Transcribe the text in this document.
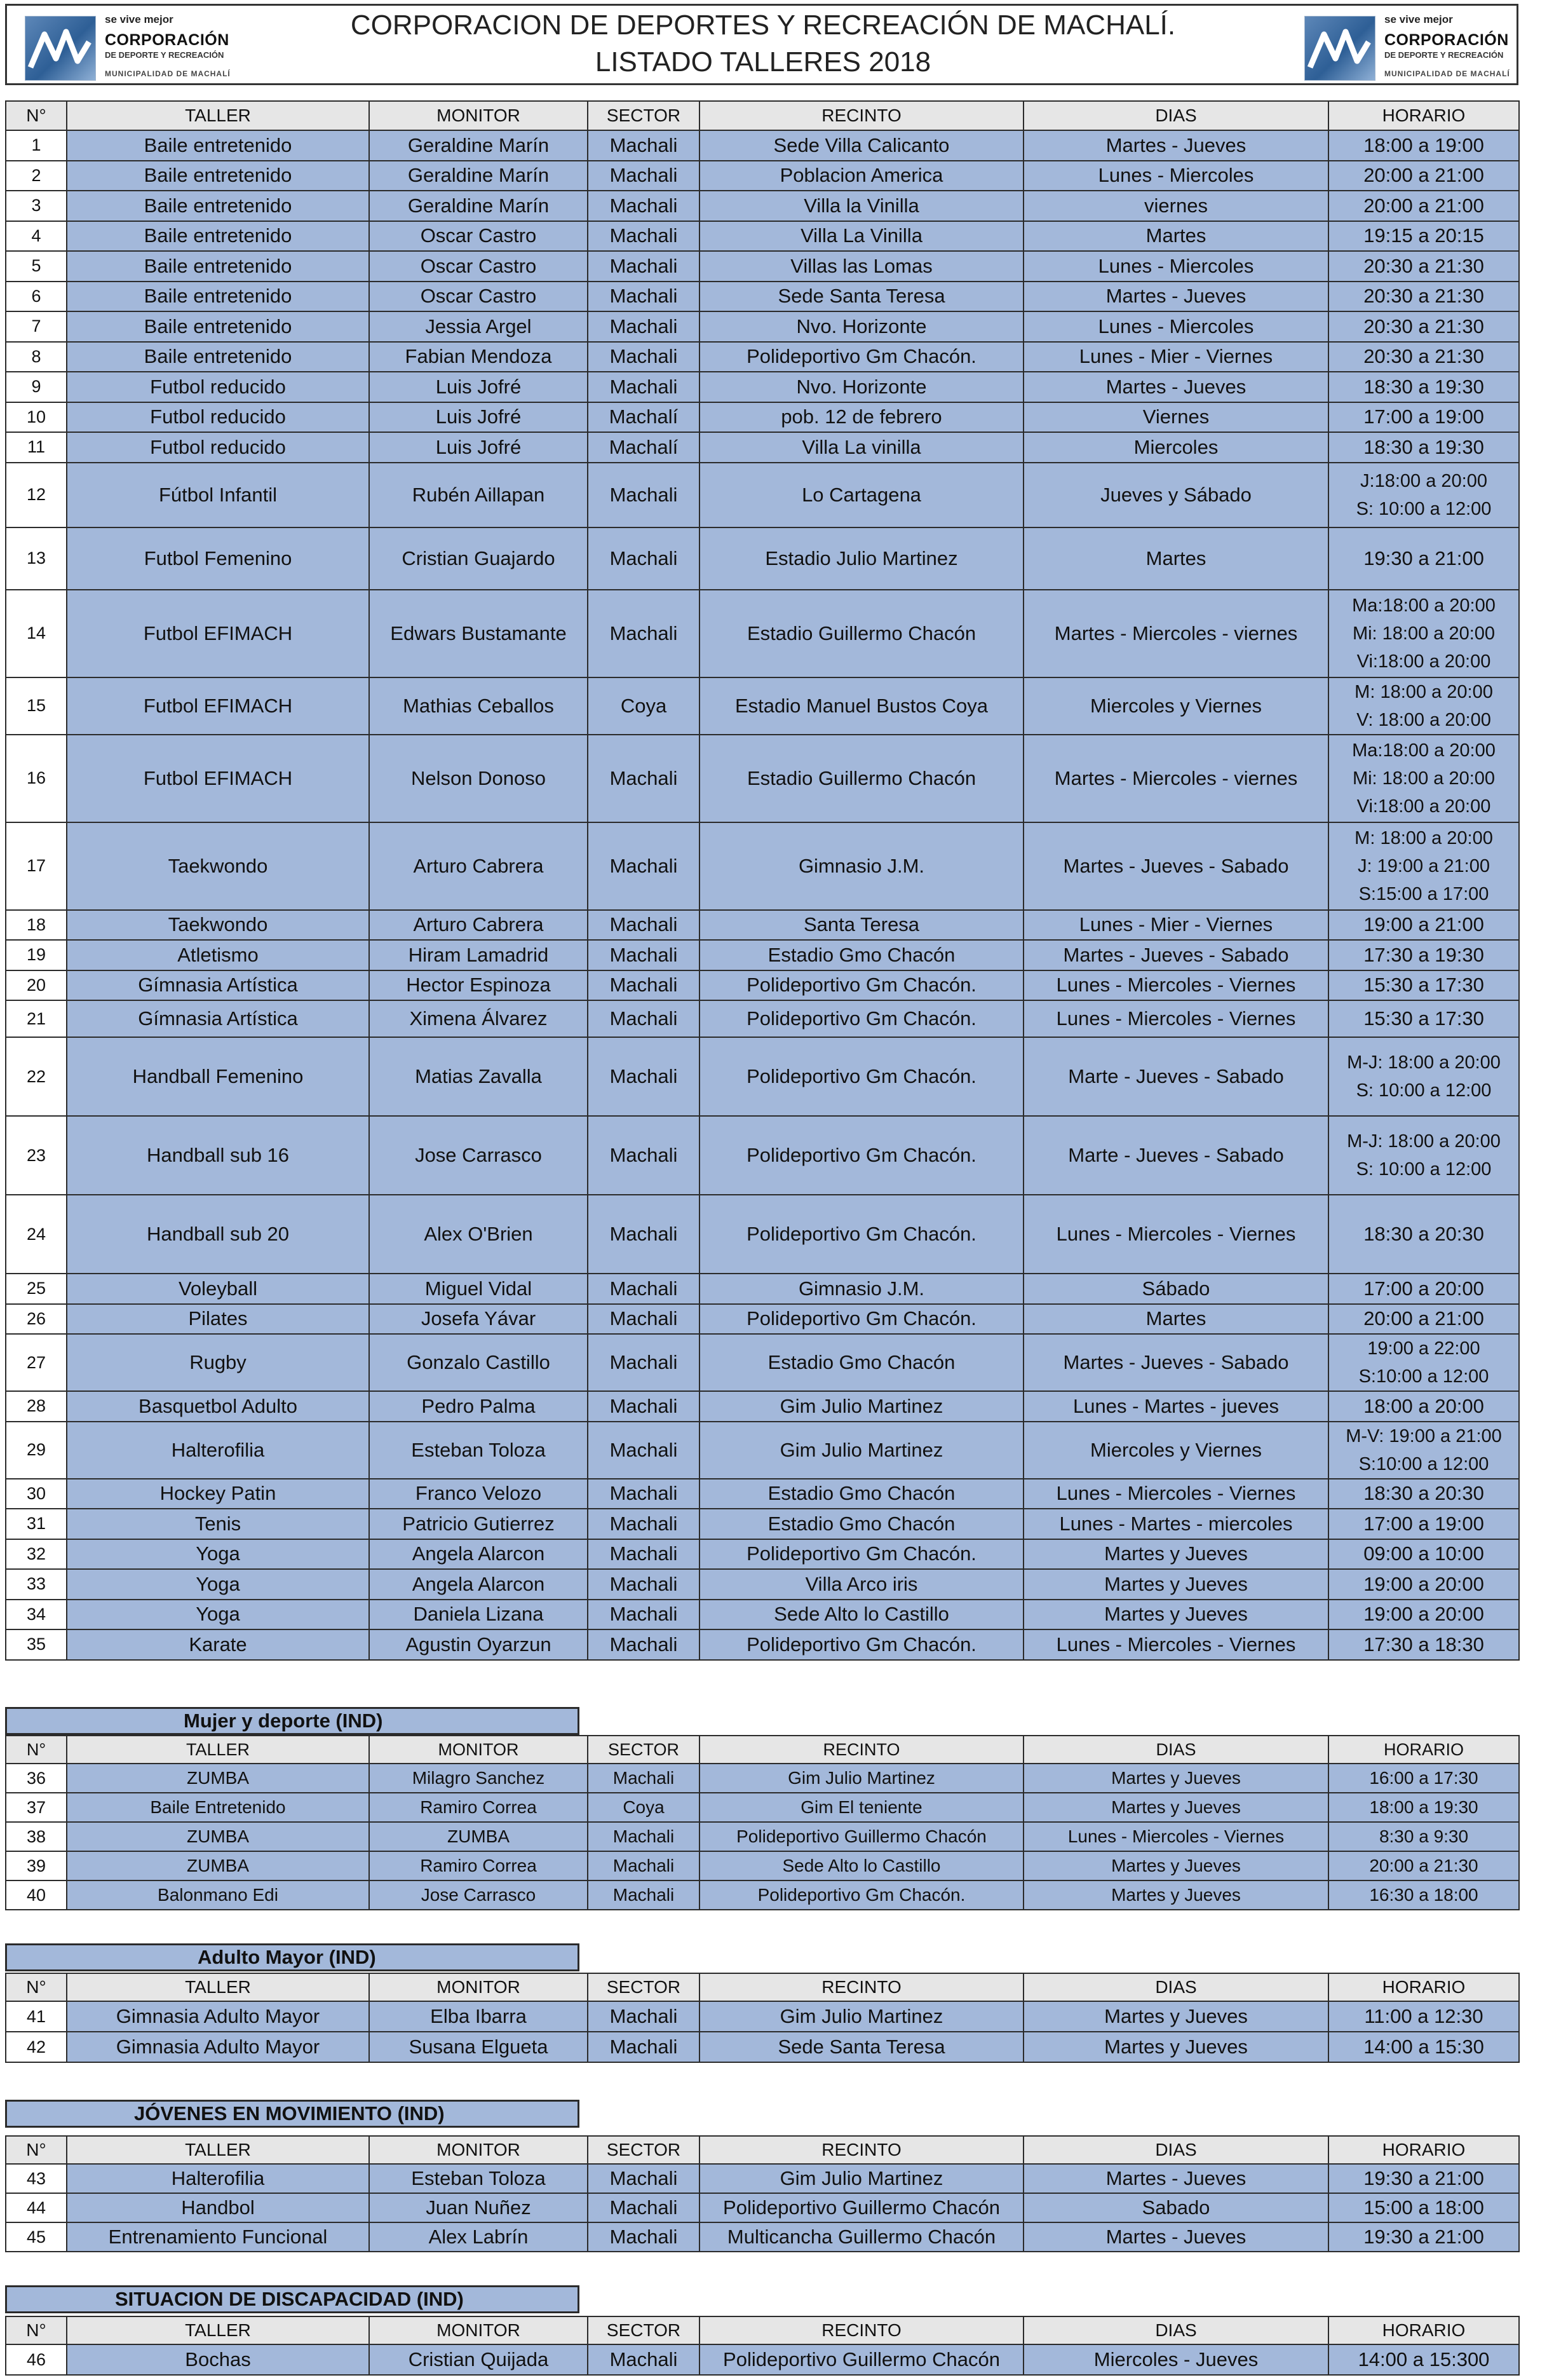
se vive mejor
CORPORACIÓN
DE DEPORTE Y RECREACIÓN
MUNICIPALIDAD DE MACHALÍ
CORPORACION DE DEPORTES Y RECREACIÓN DE MACHALÍ.
LISTADO TALLERES 2018
se vive mejor
CORPORACIÓN
DE DEPORTE Y RECREACIÓN
MUNICIPALIDAD DE MACHALÍ
N°	TALLER	MONITOR	SECTOR	RECINTO	DIAS	HORARIO
1	Baile entretenido	Geraldine Marín	Machali	Sede Villa Calicanto	Martes - Jueves	18:00 a 19:00
2	Baile entretenido	Geraldine Marín	Machali	Poblacion America	Lunes - Miercoles	20:00 a 21:00
3	Baile entretenido	Geraldine Marín	Machali	Villa la Vinilla	viernes	20:00 a 21:00
4	Baile entretenido	Oscar Castro	Machali	Villa La Vinilla	Martes	19:15 a 20:15
5	Baile entretenido	Oscar Castro	Machali	Villas las Lomas	Lunes - Miercoles	20:30 a 21:30
6	Baile entretenido	Oscar Castro	Machali	Sede Santa Teresa	Martes - Jueves	20:30 a 21:30
7	Baile entretenido	Jessia Argel	Machali	Nvo. Horizonte	Lunes - Miercoles	20:30 a 21:30
8	Baile entretenido	Fabian Mendoza	Machali	Polideportivo Gm Chacón.	Lunes - Mier - Viernes	20:30 a 21:30
9	Futbol reducido	Luis Jofré	Machali	Nvo. Horizonte	Martes - Jueves	18:30 a 19:30
10	Futbol reducido	Luis Jofré	Machalí	pob. 12 de febrero	Viernes	17:00 a 19:00
11	Futbol reducido	Luis Jofré	Machalí	Villa La vinilla	Miercoles	18:30 a 19:30
12	Fútbol Infantil	Rubén Aillapan	Machali	Lo Cartagena	Jueves y Sábado	J:18:00 a 20:00
S: 10:00 a 12:00

13	Futbol Femenino	Cristian Guajardo	Machali	Estadio Julio Martinez	Martes	19:30 a 21:00
14	Futbol EFIMACH	Edwars Bustamante	Machali	Estadio Guillermo Chacón	Martes - Miercoles - viernes	Ma:18:00 a 20:00
Mi: 18:00 a 20:00
Vi:18:00 a 20:00

15	Futbol EFIMACH	Mathias Ceballos	Coya	Estadio Manuel Bustos Coya	Miercoles y Viernes	M: 18:00 a 20:00
V: 18:00 a 20:00

16	Futbol EFIMACH	Nelson Donoso	Machali	Estadio Guillermo Chacón	Martes - Miercoles - viernes	Ma:18:00 a 20:00
Mi: 18:00 a 20:00
Vi:18:00 a 20:00

17	Taekwondo	Arturo Cabrera	Machali	Gimnasio J.M.	Martes - Jueves - Sabado	M: 18:00 a 20:00
J: 19:00 a 21:00
S:15:00 a 17:00

18	Taekwondo	Arturo Cabrera	Machali	Santa Teresa	Lunes - Mier - Viernes	19:00 a 21:00
19	Atletismo	Hiram Lamadrid	Machali	Estadio Gmo Chacón	Martes - Jueves - Sabado	17:30 a 19:30
20	Gímnasia Artística	Hector Espinoza	Machali	Polideportivo Gm Chacón.	Lunes - Miercoles - Viernes	15:30 a 17:30
21	Gímnasia Artística	Ximena Álvarez	Machali	Polideportivo Gm Chacón.	Lunes - Miercoles - Viernes	15:30 a 17:30
22	Handball Femenino	Matias Zavalla	Machali	Polideportivo Gm Chacón.	Marte - Jueves - Sabado	M-J: 18:00 a 20:00
S: 10:00 a 12:00

23	Handball sub 16	Jose Carrasco	Machali	Polideportivo Gm Chacón.	Marte - Jueves - Sabado	M-J: 18:00 a 20:00
S: 10:00 a 12:00

24	Handball sub 20	Alex O'Brien	Machali	Polideportivo Gm Chacón.	Lunes - Miercoles - Viernes	18:30 a 20:30
25	Voleyball	Miguel Vidal	Machali	Gimnasio J.M.	Sábado	17:00 a 20:00
26	Pilates	Josefa Yávar	Machali	Polideportivo Gm Chacón.	Martes	20:00 a 21:00
27	Rugby	Gonzalo Castillo	Machali	Estadio Gmo Chacón	Martes - Jueves - Sabado	19:00 a 22:00
S:10:00 a 12:00

28	Basquetbol Adulto	Pedro Palma	Machali	Gim Julio Martinez	Lunes - Martes - jueves	18:00 a 20:00
29	Halterofilia	Esteban Toloza	Machali	Gim Julio Martinez	Miercoles y Viernes	M-V: 19:00 a 21:00
S:10:00 a 12:00

30	Hockey Patin	Franco Velozo	Machali	Estadio Gmo Chacón	Lunes - Miercoles - Viernes	18:30 a 20:30
31	Tenis	Patricio Gutierrez	Machali	Estadio Gmo Chacón	Lunes - Martes - miercoles	17:00 a 19:00
32	Yoga	Angela Alarcon	Machali	Polideportivo Gm Chacón.	Martes y Jueves	09:00 a 10:00
33	Yoga	Angela Alarcon	Machali	Villa Arco iris	Martes y Jueves	19:00 a 20:00
34	Yoga	Daniela Lizana	Machali	Sede Alto lo Castillo	Martes y Jueves	19:00 a 20:00
35	Karate	Agustin Oyarzun	Machali	Polideportivo Gm Chacón.	Lunes - Miercoles - Viernes	17:30 a 18:30
Mujer y deporte (IND)
N°	TALLER	MONITOR	SECTOR	RECINTO	DIAS	HORARIO
36	ZUMBA	Milagro Sanchez	Machali	Gim Julio Martinez	Martes y Jueves	16:00 a 17:30
37	Baile Entretenido	Ramiro Correa	Coya	Gim El teniente	Martes y Jueves	18:00 a 19:30
38	ZUMBA	ZUMBA	Machali	Polideportivo Guillermo Chacón	Lunes - Miercoles - Viernes	8:30 a 9:30
39	ZUMBA	Ramiro Correa	Machali	Sede Alto lo Castillo	Martes y Jueves	20:00 a 21:30
40	Balonmano Edi	Jose Carrasco	Machali	Polideportivo Gm Chacón.	Martes y Jueves	16:30 a 18:00
Adulto Mayor (IND)
N°	TALLER	MONITOR	SECTOR	RECINTO	DIAS	HORARIO
41	Gimnasia Adulto Mayor	Elba Ibarra	Machali	Gim Julio Martinez	Martes y Jueves	11:00 a 12:30
42	Gimnasia Adulto Mayor	Susana Elgueta	Machali	Sede Santa Teresa	Martes y Jueves	14:00 a 15:30
JÓVENES EN MOVIMIENTO (IND)
N°	TALLER	MONITOR	SECTOR	RECINTO	DIAS	HORARIO
43	Halterofilia	Esteban Toloza	Machali	Gim Julio Martinez	Martes - Jueves	19:30 a 21:00
44	Handbol	Juan Nuñez	Machali	Polideportivo Guillermo Chacón	Sabado	15:00 a 18:00
45	Entrenamiento Funcional	Alex Labrín	Machali	Multicancha Guillermo Chacón	Martes - Jueves	19:30 a 21:00
SITUACION DE DISCAPACIDAD (IND)
N°	TALLER	MONITOR	SECTOR	RECINTO	DIAS	HORARIO
46	Bochas	Cristian Quijada	Machali	Polideportivo Guillermo Chacón	Miercoles - Jueves	14:00 a 15:300
